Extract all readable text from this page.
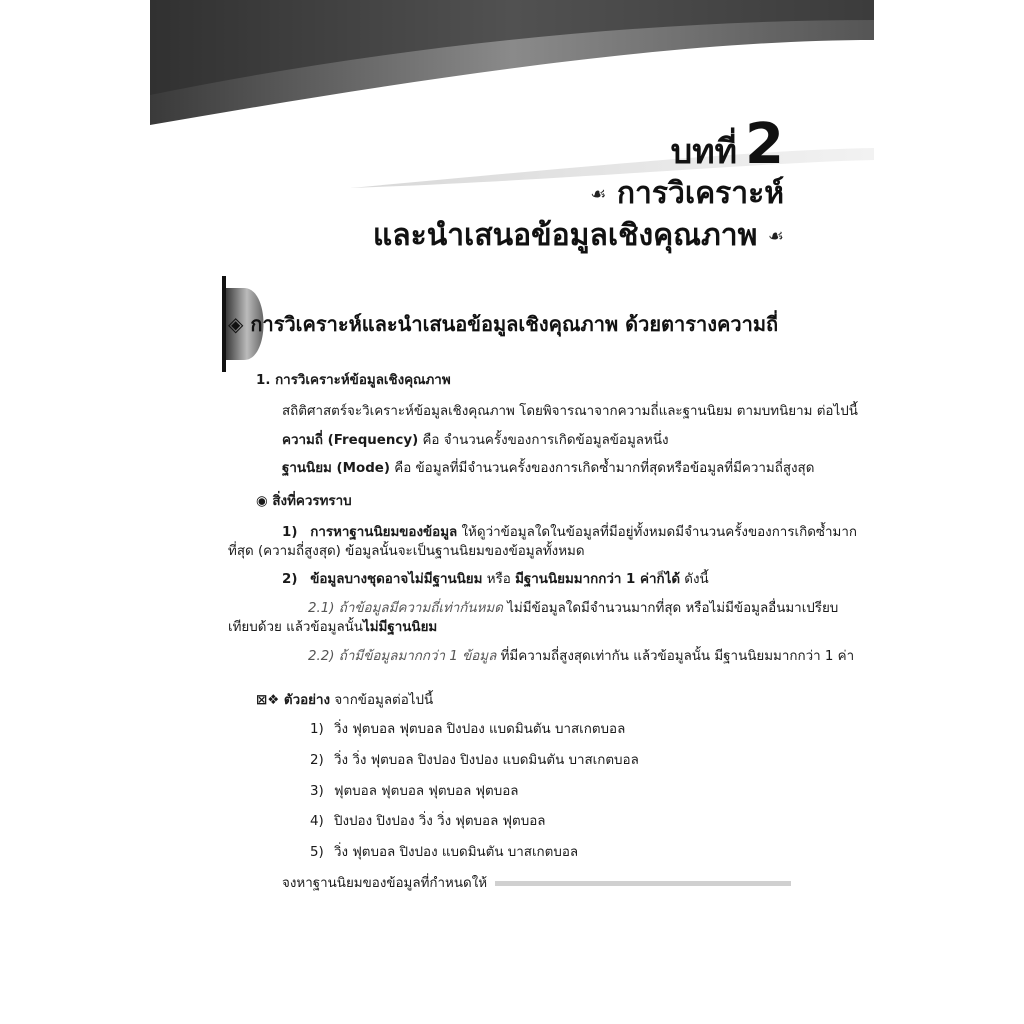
บทที่ 2
☙ การวิเคราะห์
และนำเสนอข้อมูลเชิงคุณภาพ ☙
◈ การวิเคราะห์และนำเสนอข้อมูลเชิงคุณภาพ ด้วยตารางความถี่
1. การวิเคราะห์ข้อมูลเชิงคุณภาพ
สถิติศาสตร์จะวิเคราะห์ข้อมูลเชิงคุณภาพ โดยพิจารณาจากความถี่และฐานนิยม ตามบทนิยาม ต่อไปนี้
ความถี่ (Frequency) คือ จำนวนครั้งของการเกิดข้อมูลข้อมูลหนึ่ง
ฐานนิยม (Mode) คือ ข้อมูลที่มีจำนวนครั้งของการเกิดซ้ำมากที่สุดหรือข้อมูลที่มีความถี่สูงสุด
◉ สิ่งที่ควรทราบ
1) การหาฐานนิยมของข้อมูล ให้ดูว่าข้อมูลใดในข้อมูลที่มีอยู่ทั้งหมดมีจำนวนครั้งของการเกิดซ้ำมากที่สุด (ความถี่สูงสุด) ข้อมูลนั้นจะเป็นฐานนิยมของข้อมูลทั้งหมด
2) ข้อมูลบางชุดอาจไม่มีฐานนิยม หรือ มีฐานนิยมมากกว่า 1 ค่าก็ได้ ดังนี้
2.1) ถ้าข้อมูลมีความถี่เท่ากันหมด ไม่มีข้อมูลใดมีจำนวนมากที่สุด หรือไม่มีข้อมูลอื่นมาเปรียบเทียบด้วย แล้วข้อมูลนั้นไม่มีฐานนิยม
2.2) ถ้ามีข้อมูลมากกว่า 1 ข้อมูล ที่มีความถี่สูงสุดเท่ากัน แล้วข้อมูลนั้น มีฐานนิยมมากกว่า 1 ค่า
⊠❖ ตัวอย่าง จากข้อมูลต่อไปนี้
1) วิ่ง ฟุตบอล ฟุตบอล ปิงปอง แบดมินตัน บาสเกตบอล
2) วิ่ง วิ่ง ฟุตบอล ปิงปอง ปิงปอง แบดมินตัน บาสเกตบอล
3) ฟุตบอล ฟุตบอล ฟุตบอล ฟุตบอล
4) ปิงปอง ปิงปอง วิ่ง วิ่ง ฟุตบอล ฟุตบอล
5) วิ่ง ฟุตบอล ปิงปอง แบดมินตัน บาสเกตบอล
จงหาฐานนิยมของข้อมูลที่กำหนดให้
